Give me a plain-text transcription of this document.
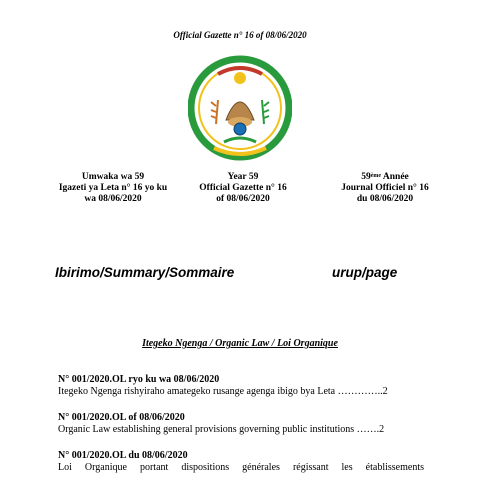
Official Gazette n° 16 of 08/06/2020
Umwaka wa 59
Igazeti ya Leta n° 16 yo ku
wa 08/06/2020
Year 59
Official Gazette n° 16
of 08/06/2020
59ème Année
Journal Officiel n° 16
du 08/06/2020
Ibirimo/Summary/Sommaire	urup/page
Itegeko Ngenga / Organic Law / Loi Organique
N° 001/2020.OL ryo ku wa 08/06/2020
Itegeko Ngenga rishyiraho amategeko rusange agenga ibigo bya Leta …………..2
N° 001/2020.OL of 08/06/2020
Organic Law establishing general provisions governing public institutions …….2
N° 001/2020.OL du 08/06/2020
Loi Organique portant dispositions générales régissant les établissements
